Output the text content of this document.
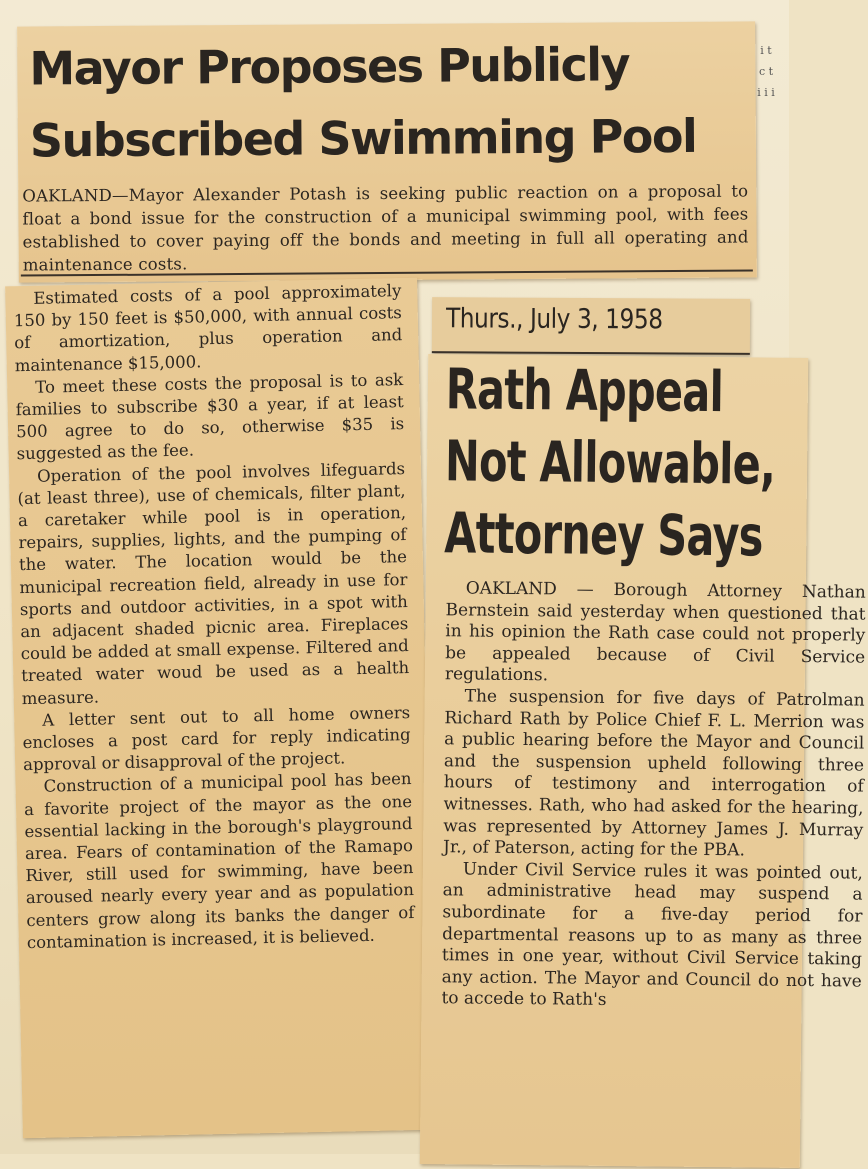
i t c t i i i
Mayor Proposes Publicly Subscribed Swimming Pool

OAKLAND—Mayor Alexander Potash is seeking public reaction on a proposal to float a bond issue for the construction of a municipal swimming pool, with fees established to cover paying off the bonds and meeting in full all operating and maintenance costs.

Estimated costs of a pool approximately 150 by 150 feet is $50,000, with annual costs of amortization, plus operation and maintenance $15,000.

To meet these costs the proposal is to ask families to subscribe $30 a year, if at least 500 agree to do so, otherwise $35 is suggested as the fee.

Operation of the pool involves lifeguards (at least three), use of chemicals, filter plant, a caretaker while pool is in operation, repairs, supplies, lights, and the pumping of the water. The location would be the municipal recreation field, already in use for sports and outdoor activities, in a spot with an adjacent shaded picnic area. Fireplaces could be added at small expense. Filtered and treated water woud be used as a health measure.

A letter sent out to all home owners encloses a post card for reply indicating approval or disapproval of the project.

Construction of a municipal pool has been a favorite project of the mayor as the one essential lacking in the borough's playground area. Fears of contamination of the Ramapo River, still used for swimming, have been aroused nearly every year and as population centers grow along its banks the danger of contamination is increased, it is believed.

Thurs., July 3, 1958
Rath Appeal
Not Allowable,
Attorney Says

OAKLAND — Borough Attorney Nathan Bernstein said yesterday when questioned that in his opinion the Rath case could not properly be appealed because of Civil Service regulations.

The suspension for five days of Patrolman Richard Rath by Police Chief F. L. Merrion was a public hearing before the Mayor and Council and the suspension upheld following three hours of testimony and interrogation of witnesses. Rath, who had asked for the hearing, was represented by Attorney James J. Murray Jr., of Paterson, acting for the PBA.

Under Civil Service rules it was pointed out, an administrative head may suspend a subordinate for a five-day period for departmental reasons up to as many as three times in one year, without Civil Service taking any action. The Mayor and Council do not have to accede to Rath's
